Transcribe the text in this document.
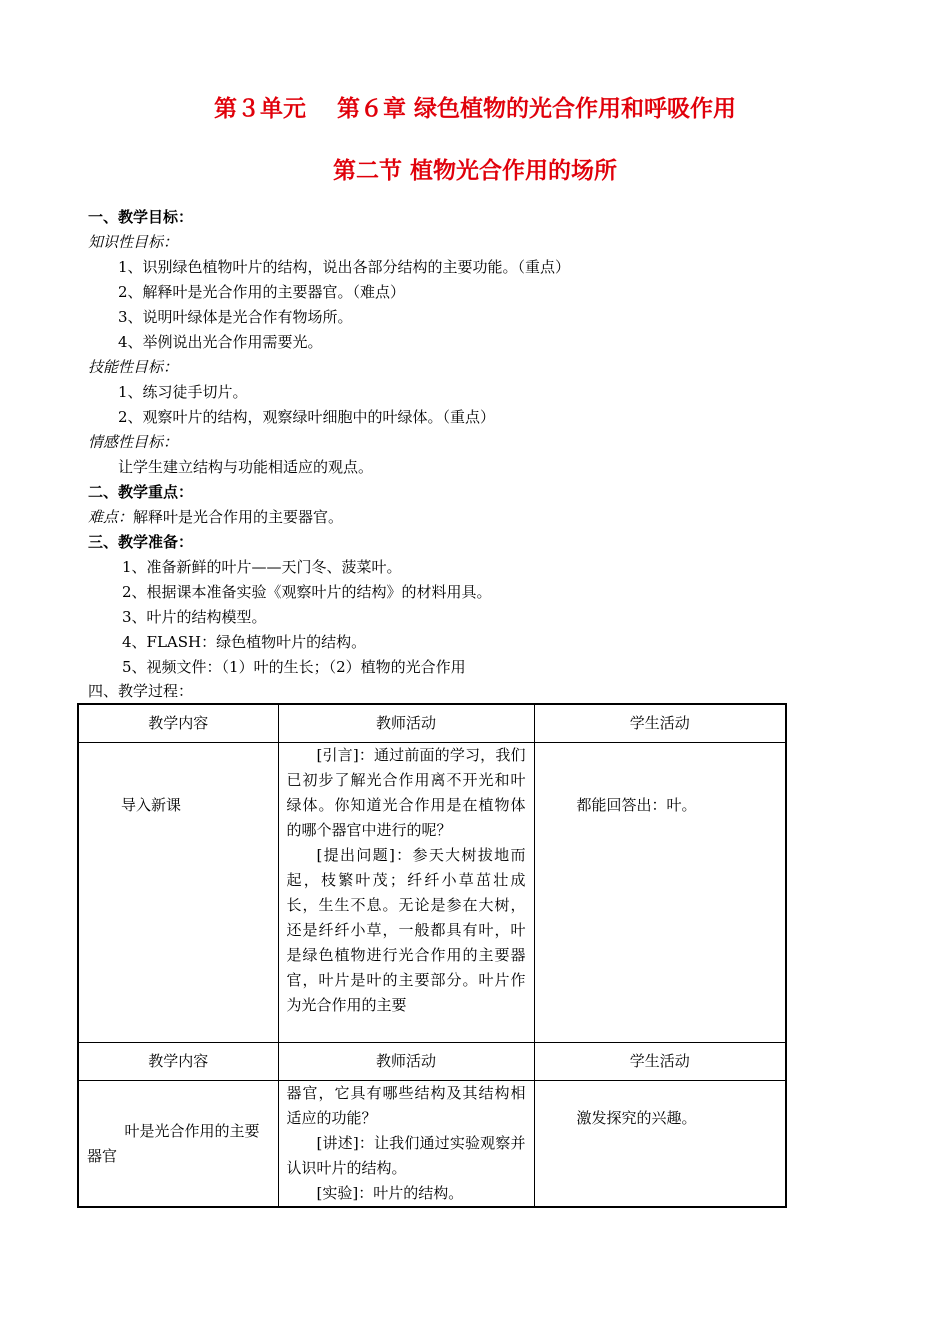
第３单元　 第６章 绿色植物的光合作用和呼吸作用
第二节 植物光合作用的场所
一、教学目标：
知识性目标：
1、识别绿色植物叶片的结构，说出各部分结构的主要功能。（重点）
2、解释叶是光合作用的主要器官。（难点）
3、说明叶绿体是光合作有物场所。
4、举例说出光合作用需要光。
技能性目标：
1、练习徒手切片。
2、观察叶片的结构，观察绿叶细胞中的叶绿体。（重点）
情感性目标：
让学生建立结构与功能相适应的观点。
二、教学重点：
难点：解释叶是光合作用的主要器官。
三、教学准备：
1、准备新鲜的叶片——天门冬、菠菜叶。
2、根据课本准备实验《观察叶片的结构》的材料用具。
3、叶片的结构模型。
4、FLASH：绿色植物叶片的结构。
5、视频文件：（1）叶的生长；（2）植物的光合作用
四、教学过程：
教学内容	教师活动	学生活动
导入新课	[引言]：通过前面的学习，我们已初步了解光合作用离不开光和叶绿体。你知道光合作用是在植物体的哪个器官中进行的呢？

[提出问题]：参天大树拔地而起，枝繁叶茂；纤纤小草茁壮成长，生生不息。无论是参在大树，还是纤纤小草，一般都具有叶，叶是绿色植物进行光合作用的主要器官，叶片是叶的主要部分。叶片作为光合作用的主要	都能回答出：叶。
教学内容	教师活动	学生活动
叶是光合作用的主要器官	器官，它具有哪些结构及其结构相适应的功能？

[讲述]：让我们通过实验观察并认识叶片的结构。

[实验]：叶片的结构。	激发探究的兴趣。
